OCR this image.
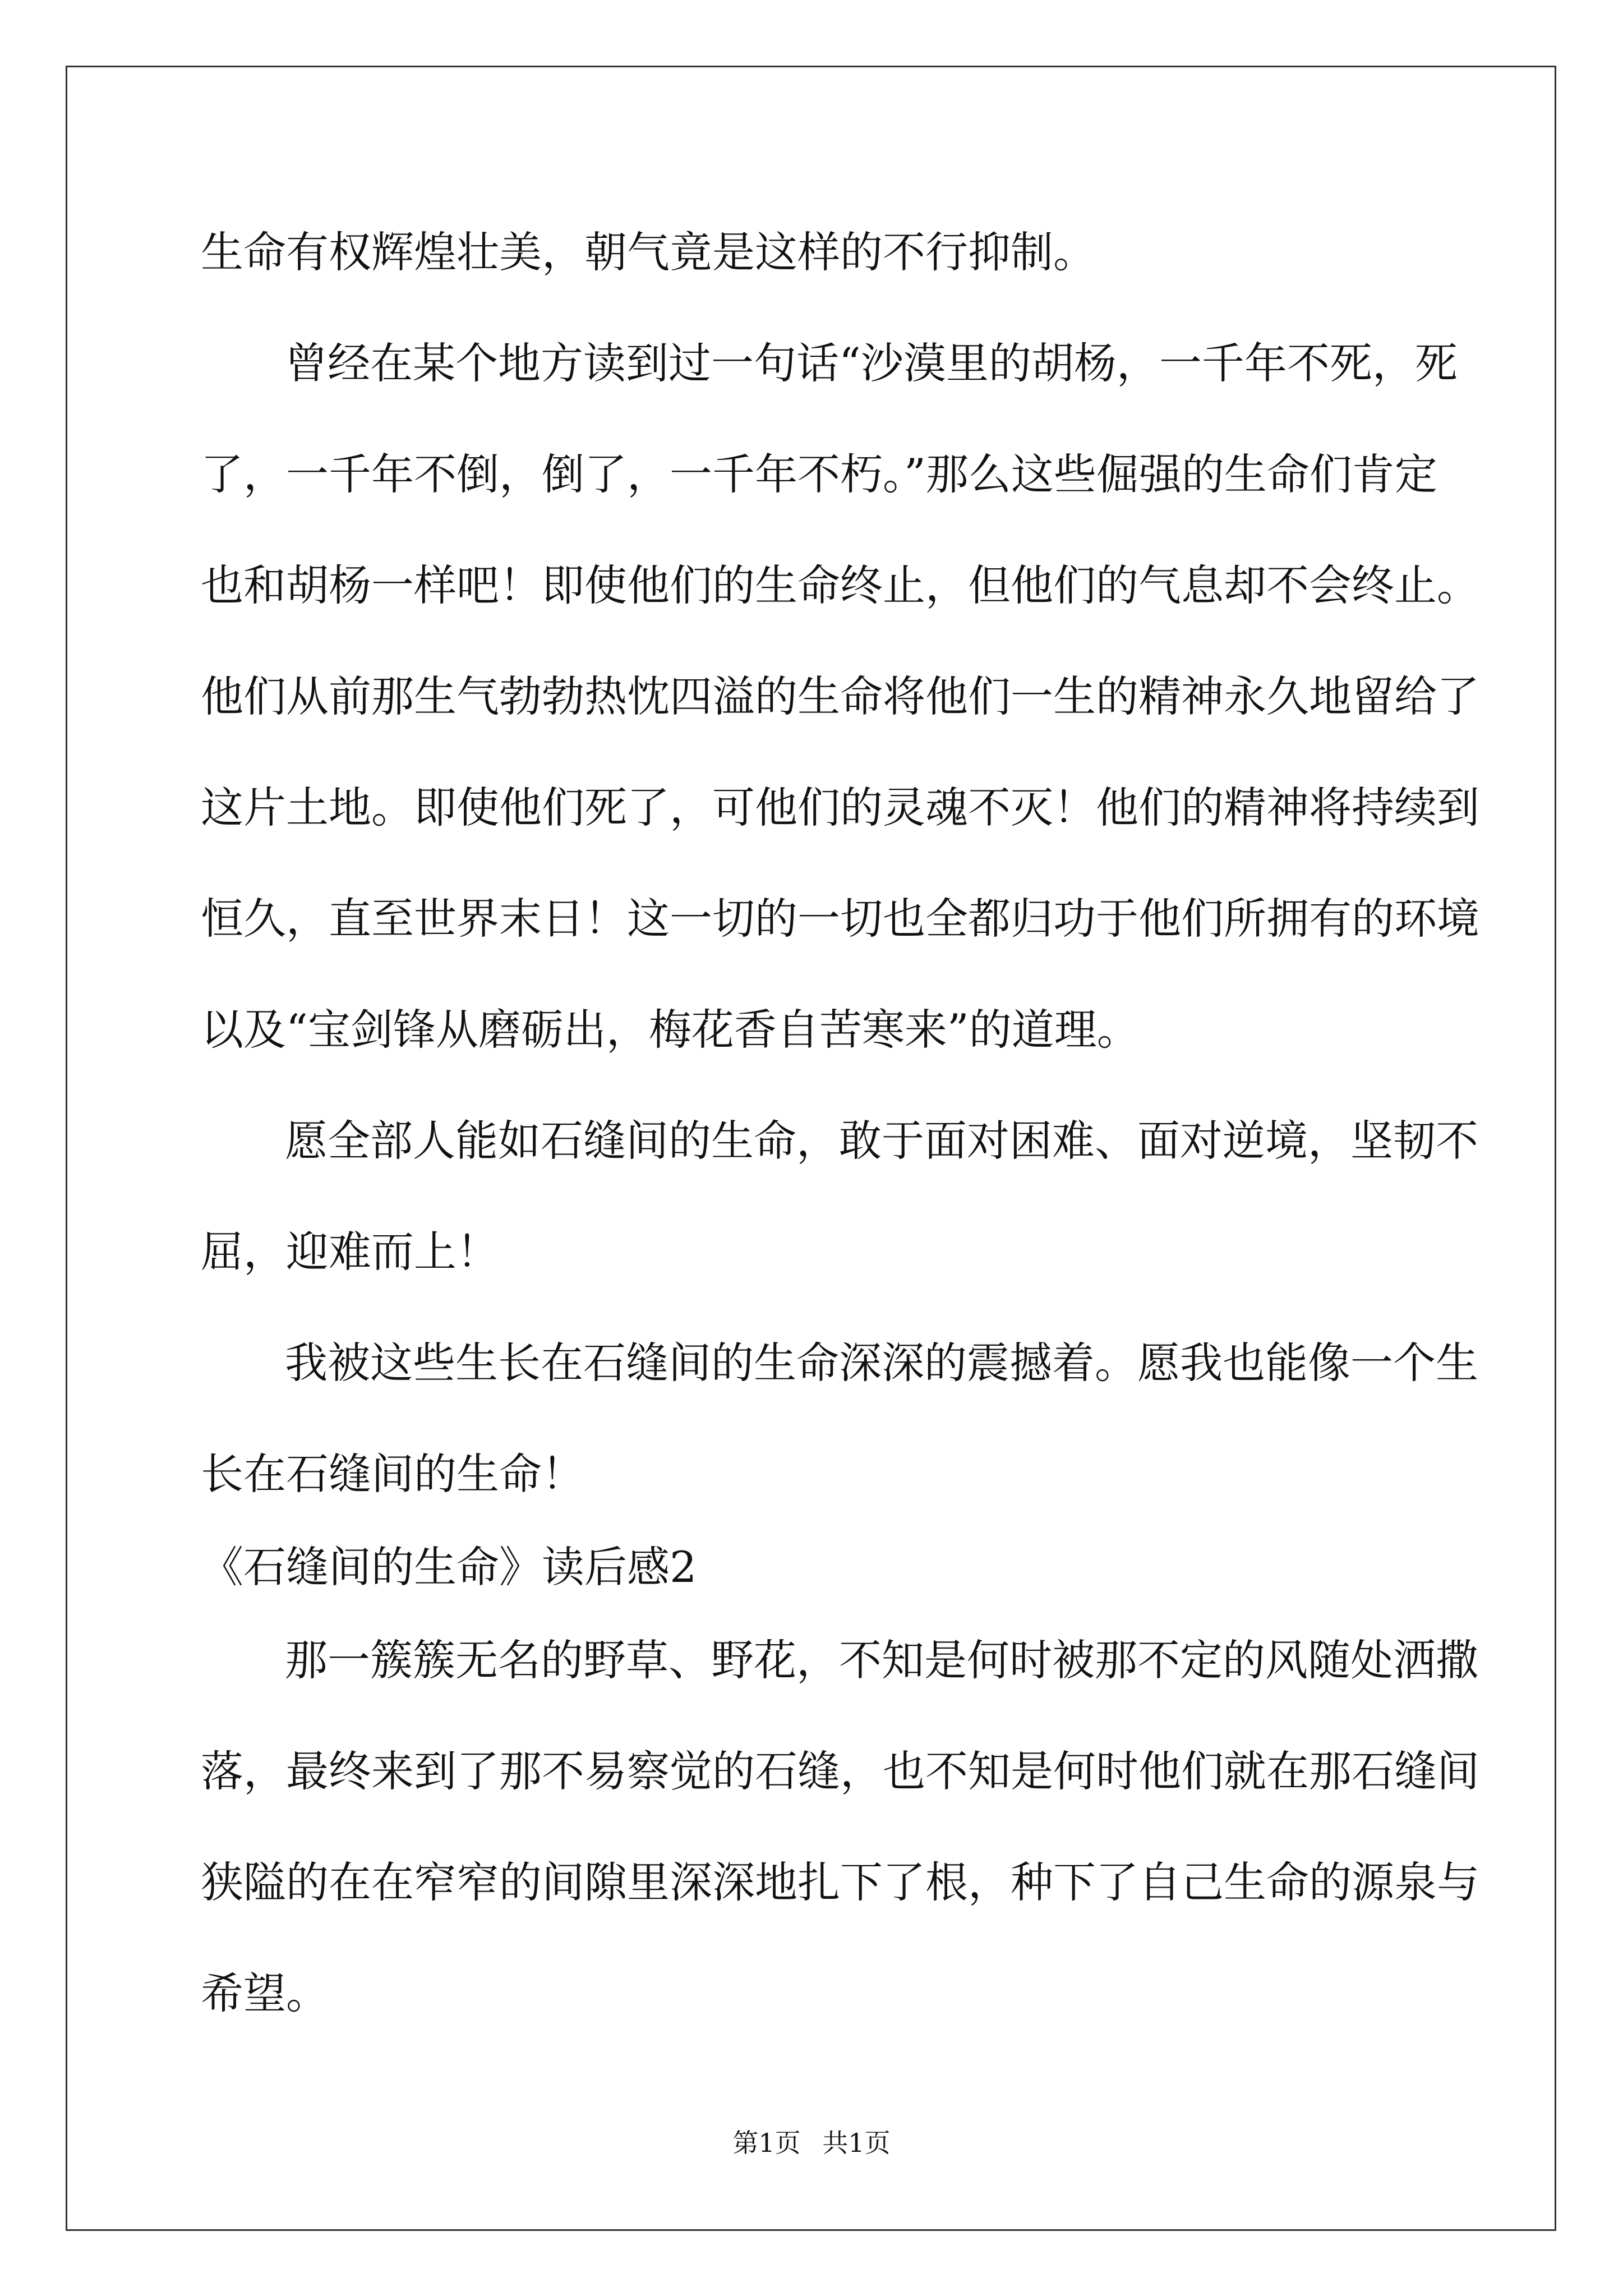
生命有权辉煌壮美，朝气竟是这样的不行抑制。
曾经在某个地方读到过一句话“沙漠里的胡杨，一千年不死，死
了，一千年不倒，倒了，一千年不朽。”那么这些倔强的生命们肯定
也和胡杨一样吧！即使他们的生命终止，但他们的气息却不会终止。
他们从前那生气勃勃热忱四溢的生命将他们一生的精神永久地留给了
这片土地。即使他们死了，可他们的灵魂不灭！他们的精神将持续到
恒久，直至世界末日！这一切的一切也全都归功于他们所拥有的环境
以及“宝剑锋从磨砺出，梅花香自苦寒来”的道理。
愿全部人能如石缝间的生命，敢于面对困难、面对逆境，坚韧不
屈，迎难而上！
我被这些生长在石缝间的生命深深的震撼着。愿我也能像一个生
长在石缝间的生命！
《石缝间的生命》读后感2
那一簇簇无名的野草、野花，不知是何时被那不定的风随处洒撒
落，最终来到了那不易察觉的石缝，也不知是何时他们就在那石缝间
狭隘的在在窄窄的间隙里深深地扎下了根，种下了自己生命的源泉与
希望。
第1页 共1页
